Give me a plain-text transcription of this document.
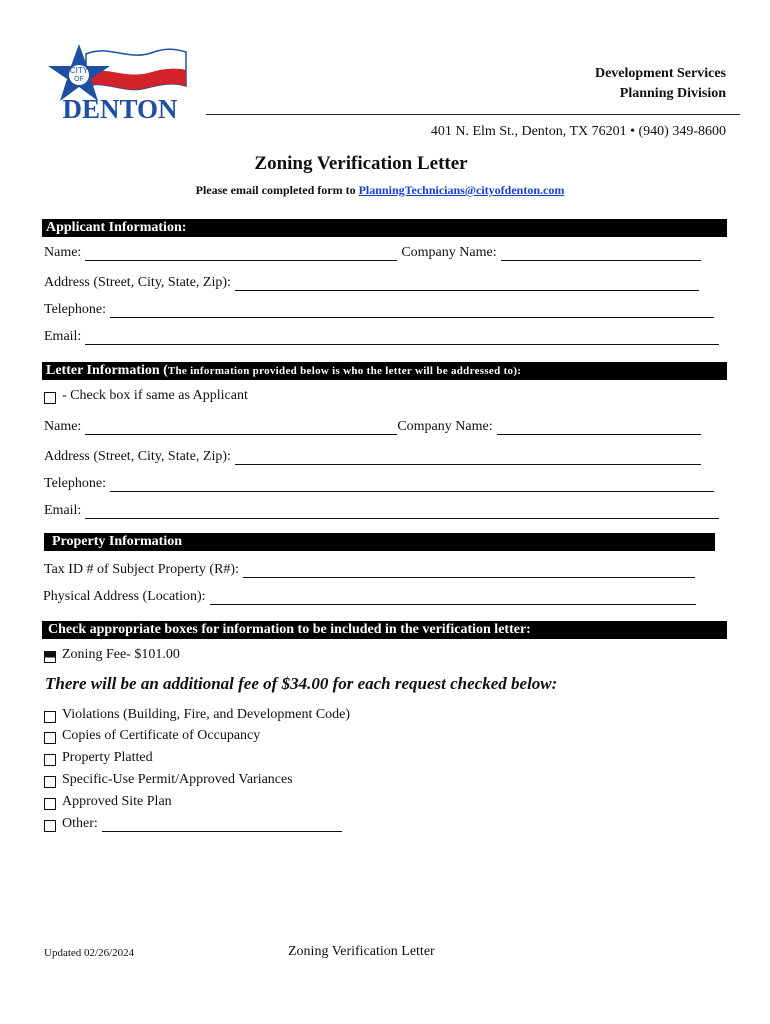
CITY
OF
DENTON
Development Services
Planning Division
401 N. Elm St., Denton, TX 76201 • (940) 349-8600
Zoning Verification Letter
Please email completed form to PlanningTechnicians@cityofdenton.com
Applicant Information:
Name:	Company Name:
Address (Street, City, State, Zip):
Telephone:
Email:
Letter Information (The information provided below is who the letter will be addressed to):
- Check box if same as Applicant
Name:	Company Name:
Address (Street, City, State, Zip):
Telephone:
Email:
Property Information
Tax ID # of Subject Property (R#):
Physical Address (Location):
Check appropriate boxes for information to be included in the verification letter:
Zoning Fee- $101.00
There will be an additional fee of $34.00 for each request checked below:
Violations (Building, Fire, and Development Code)
Copies of Certificate of Occupancy
Property Platted
Specific-Use Permit/Approved Variances
Approved Site Plan
Other:
Updated 02/26/2024	Zoning Verification Letter
